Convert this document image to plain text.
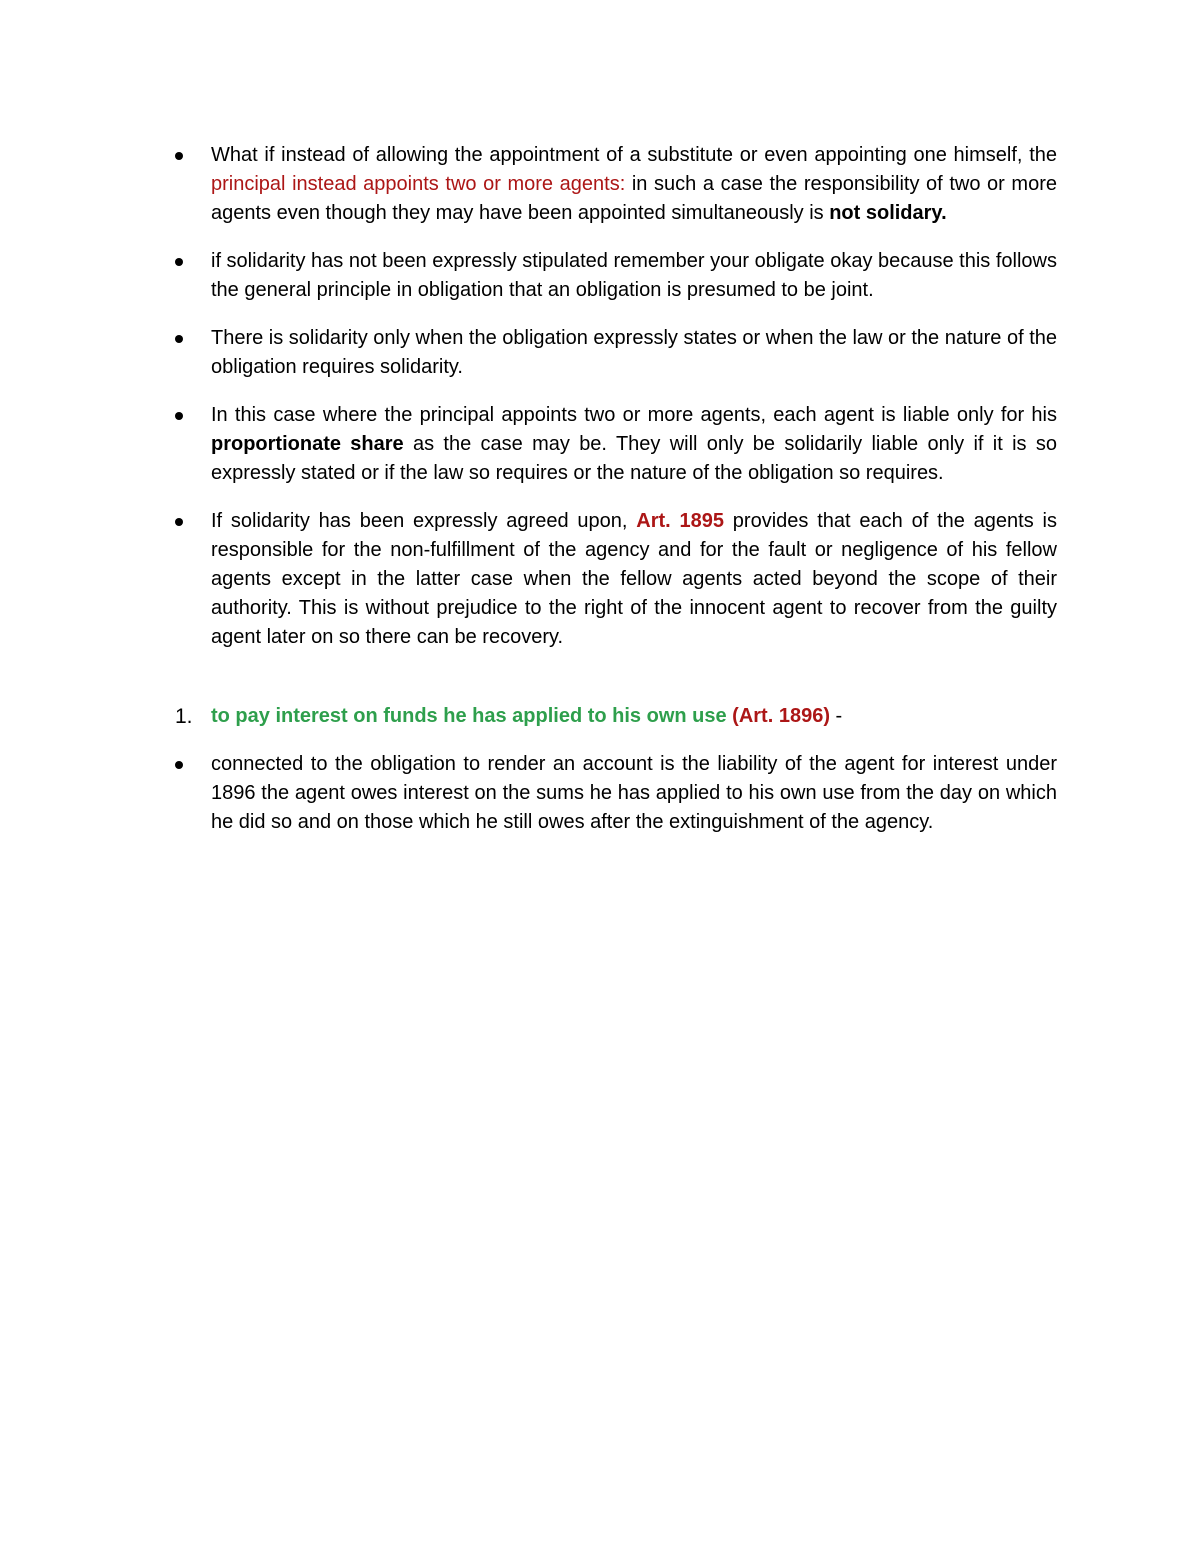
What if instead of allowing the appointment of a substitute or even appointing one himself, the principal instead appoints two or more agents: in such a case the responsibility of two or more agents even though they may have been appointed simultaneously is not solidary.
if solidarity has not been expressly stipulated remember your obligate okay because this follows the general principle in obligation that an obligation is presumed to be joint.
There is solidarity only when the obligation expressly states or when the law or the nature of the obligation requires solidarity.
In this case where the principal appoints two or more agents, each agent is liable only for his proportionate share as the case may be. They will only be solidarily liable only if it is so expressly stated or if the law so requires or the nature of the obligation so requires.
If solidarity has been expressly agreed upon, Art. 1895 provides that each of the agents is responsible for the non-fulfillment of the agency and for the fault or negligence of his fellow agents except in the latter case when the fellow agents acted beyond the scope of their authority. This is without prejudice to the right of the innocent agent to recover from the guilty agent later on so there can be recovery.
1. to pay interest on funds he has applied to his own use (Art. 1896) -
connected to the obligation to render an account is the liability of the agent for interest under 1896 the agent owes interest on the sums he has applied to his own use from the day on which he did so and on those which he still owes after the extinguishment of the agency.
